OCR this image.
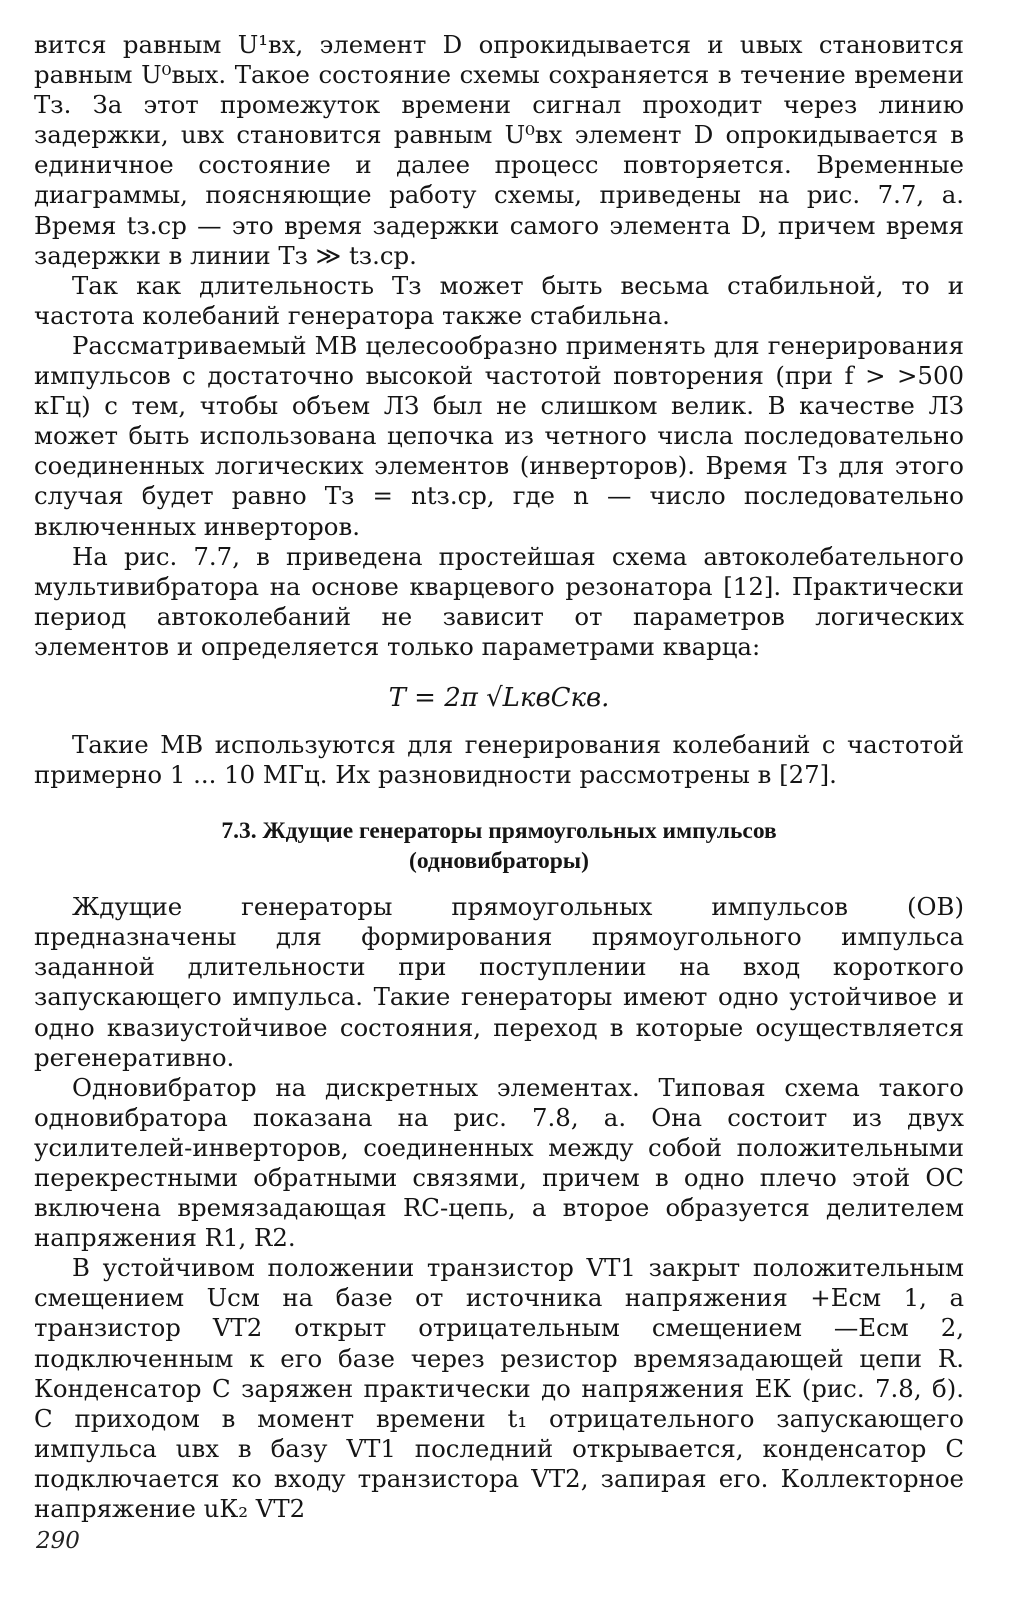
вится равным U¹вх, элемент D опрокидывается и uвых становится равным U⁰вых. Такое состояние схемы сохраняется в течение времени Tз. За этот промежуток времени сигнал проходит через линию задержки, uвх становится равным U⁰вх элемент D опрокидывается в единичное состояние и далее процесс повторяется. Временные диаграммы, поясняющие работу схемы, приведены на рис. 7.7, а. Время tз.ср — это время задержки самого элемента D, причем время задержки в линии Tз ≫ tз.ср.

Так как длительность Tз может быть весьма стабильной, то и частота колебаний генератора также стабильна.

Рассматриваемый МВ целесообразно применять для генерирования импульсов с достаточно высокой частотой повторения (при f > >500 кГц) с тем, чтобы объем ЛЗ был не слишком велик. В качестве ЛЗ может быть использована цепочка из четного числа последовательно соединенных логических элементов (инверторов). Время Tз для этого случая будет равно Tз = ntз.ср, где n — число последовательно включенных инверторов.

На рис. 7.7, в приведена простейшая схема автоколебательного мультивибратора на основе кварцевого резонатора [12]. Практически период автоколебаний не зависит от параметров логических элементов и определяется только параметрами кварца:

T = 2π √LквCкв.

Такие МВ используются для генерирования колебаний с частотой примерно 1 ... 10 МГц. Их разновидности рассмотрены в [27].

7.3. Ждущие генераторы прямоугольных импульсов
(одновибраторы)

Ждущие генераторы прямоугольных импульсов (ОВ) предназначены для формирования прямоугольного импульса заданной длительности при поступлении на вход короткого запускающего импульса. Такие генераторы имеют одно устойчивое и одно квазиустойчивое состояния, переход в которые осуществляется регенеративно.

Одновибратор на дискретных элементах. Типовая схема такого одновибратора показана на рис. 7.8, а. Она состоит из двух усилителей-инверторов, соединенных между собой положительными перекрестными обратными связями, причем в одно плечо этой ОС включена времязадающая RC-цепь, а второе образуется делителем напряжения R1, R2.

В устойчивом положении транзистор VT1 закрыт положительным смещением Uсм на базе от источника напряжения +Eсм 1, а транзистор VT2 открыт отрицательным смещением —Eсм 2, подключенным к его базе через резистор времязадающей цепи R. Конденсатор C заряжен практически до напряжения EК (рис. 7.8, б). С приходом в момент времени t₁ отрицательного запускающего импульса uвх в базу VT1 последний открывается, конденсатор C подключается ко входу транзистора VT2, запирая его. Коллекторное напряжение uК₂ VT2

290
